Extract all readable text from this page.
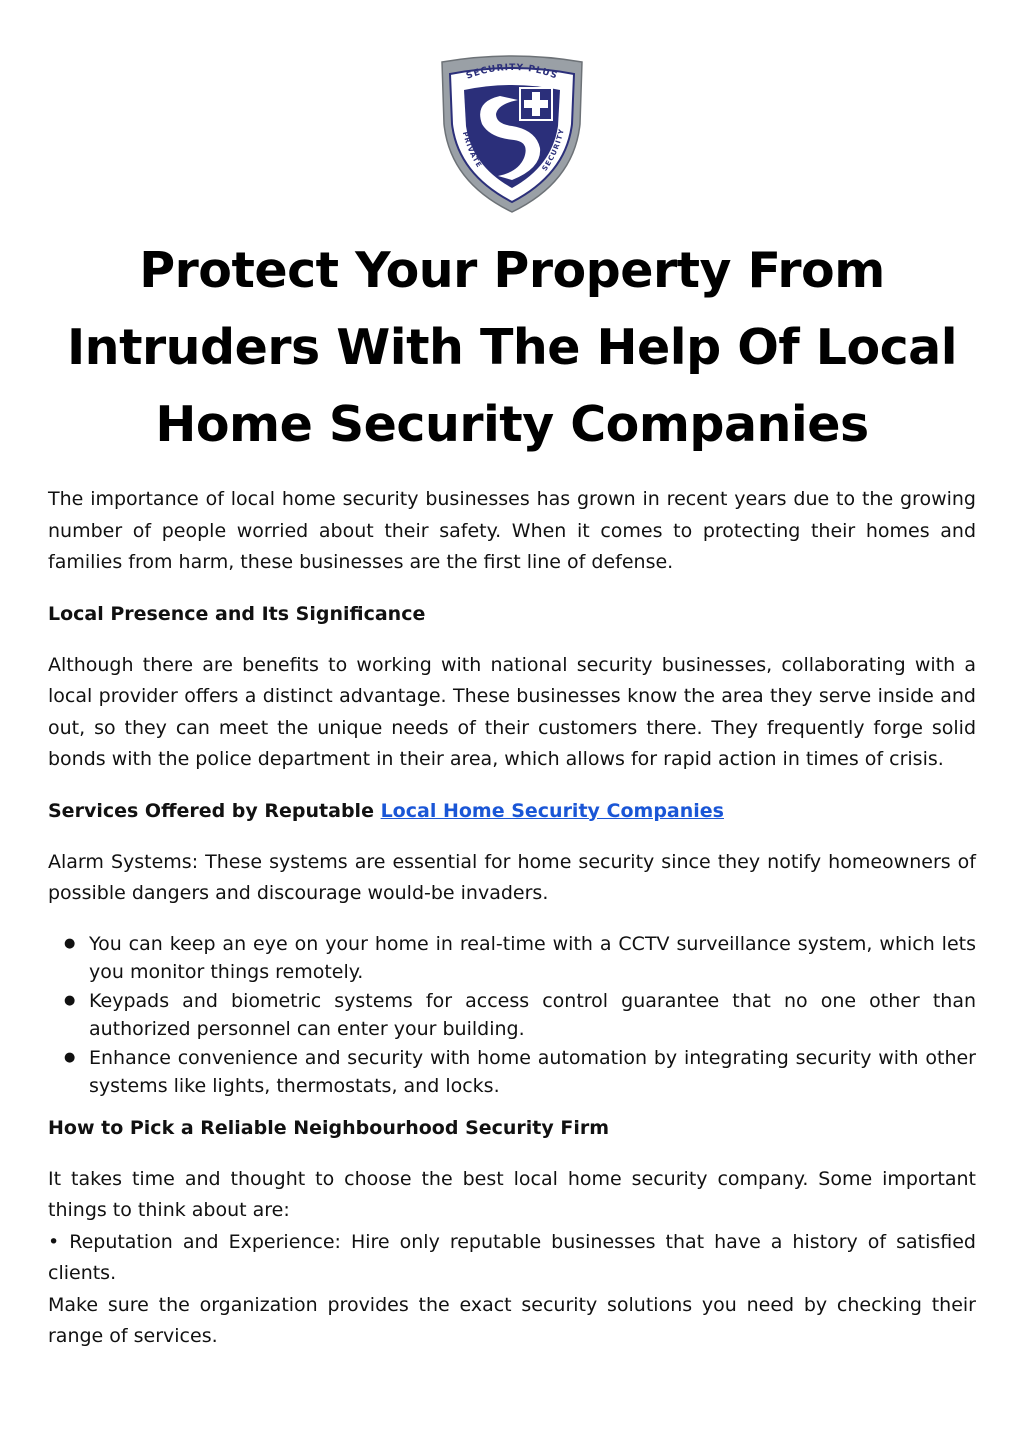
SECURITY PLUS
PRIVATE	SECURITY
Protect Your Property From Intruders With The Help Of Local Home Security Companies

The importance of local home security businesses has grown in recent years due to the growing number of people worried about their safety. When it comes to protecting their homes and families from harm, these businesses are the first line of defense.

Local Presence and Its Significance

Although there are benefits to working with national security businesses, collaborating with a local provider offers a distinct advantage. These businesses know the area they serve inside and out, so they can meet the unique needs of their customers there. They frequently forge solid bonds with the police department in their area, which allows for rapid action in times of crisis.

Services Offered by Reputable Local Home Security Companies

Alarm Systems: These systems are essential for home security since they notify homeowners of possible dangers and discourage would-be invaders.

● You can keep an eye on your home in real-time with a CCTV surveillance system, which lets you monitor things remotely.
● Keypads and biometric systems for access control guarantee that no one other than authorized personnel can enter your building.
● Enhance convenience and security with home automation by integrating security with other systems like lights, thermostats, and locks.
How to Pick a Reliable Neighbourhood Security Firm

It takes time and thought to choose the best local home security company. Some important things to think about are:

• Reputation and Experience: Hire only reputable businesses that have a history of satisfied clients.

Make sure the organization provides the exact security solutions you need by checking their range of services.
